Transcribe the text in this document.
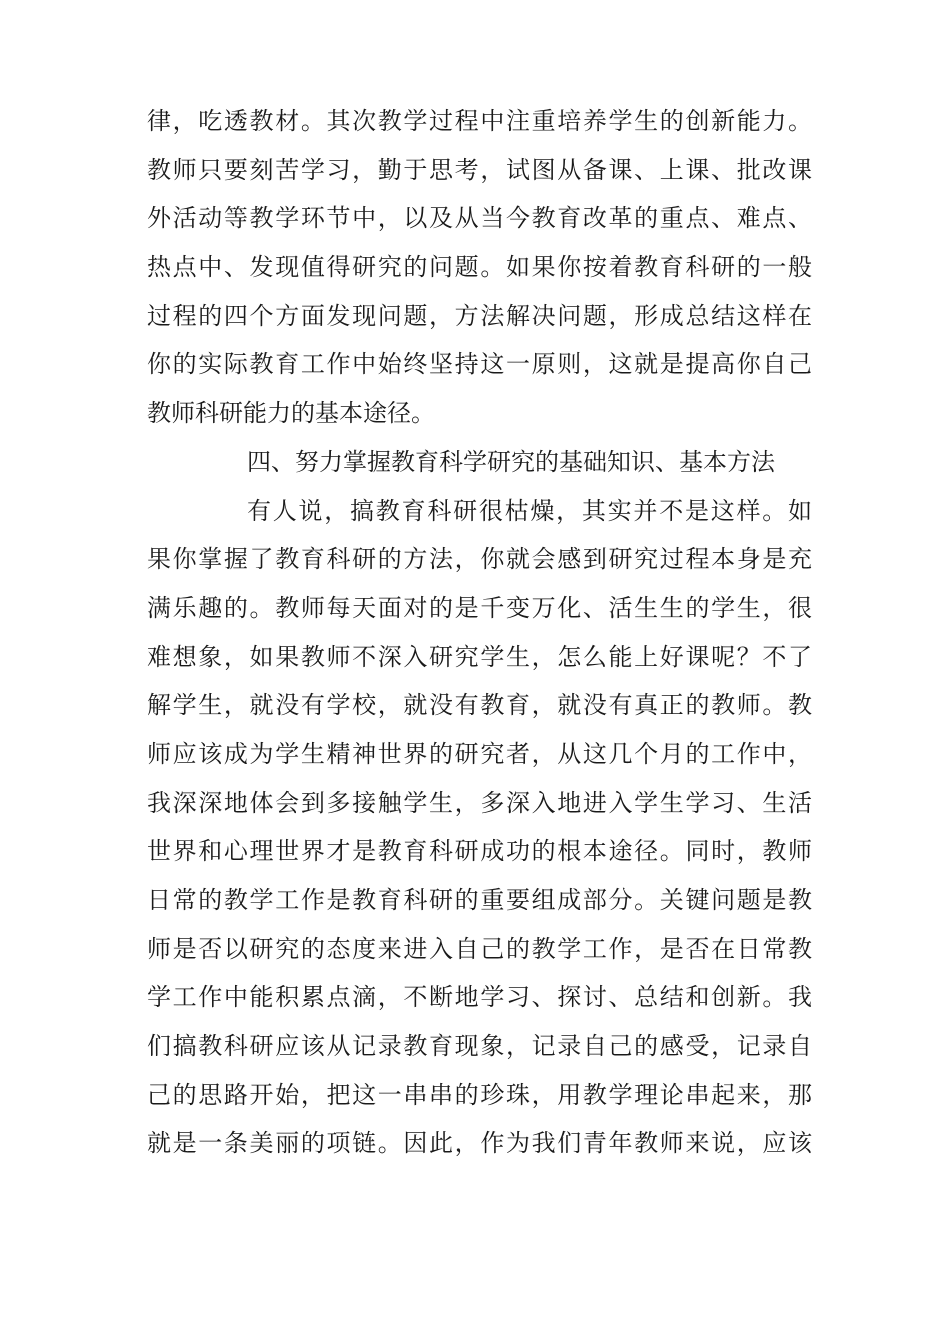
律，吃透教材。其次教学过程中注重培养学生的创新能力。
教师只要刻苦学习，勤于思考，试图从备课、上课、批改课
外活动等教学环节中，以及从当今教育改革的重点、难点、
热点中、发现值得研究的问题。如果你按着教育科研的一般
过程的四个方面发现问题，方法解决问题，形成总结这样在
你的实际教育工作中始终坚持这一原则，这就是提高你自己
教师科研能力的基本途径。
四、努力掌握教育科学研究的基础知识、基本方法
有人说，搞教育科研很枯燥，其实并不是这样。如
果你掌握了教育科研的方法，你就会感到研究过程本身是充
满乐趣的。教师每天面对的是千变万化、活生生的学生，很
难想象，如果教师不深入研究学生，怎么能上好课呢？不了
解学生，就没有学校，就没有教育，就没有真正的教师。教
师应该成为学生精神世界的研究者，从这几个月的工作中，
我深深地体会到多接触学生，多深入地进入学生学习、生活
世界和心理世界才是教育科研成功的根本途径。同时，教师
日常的教学工作是教育科研的重要组成部分。关键问题是教
师是否以研究的态度来进入自己的教学工作，是否在日常教
学工作中能积累点滴，不断地学习、探讨、总结和创新。我
们搞教科研应该从记录教育现象，记录自己的感受，记录自
己的思路开始，把这一串串的珍珠，用教学理论串起来，那
就是一条美丽的项链。因此，作为我们青年教师来说，应该
